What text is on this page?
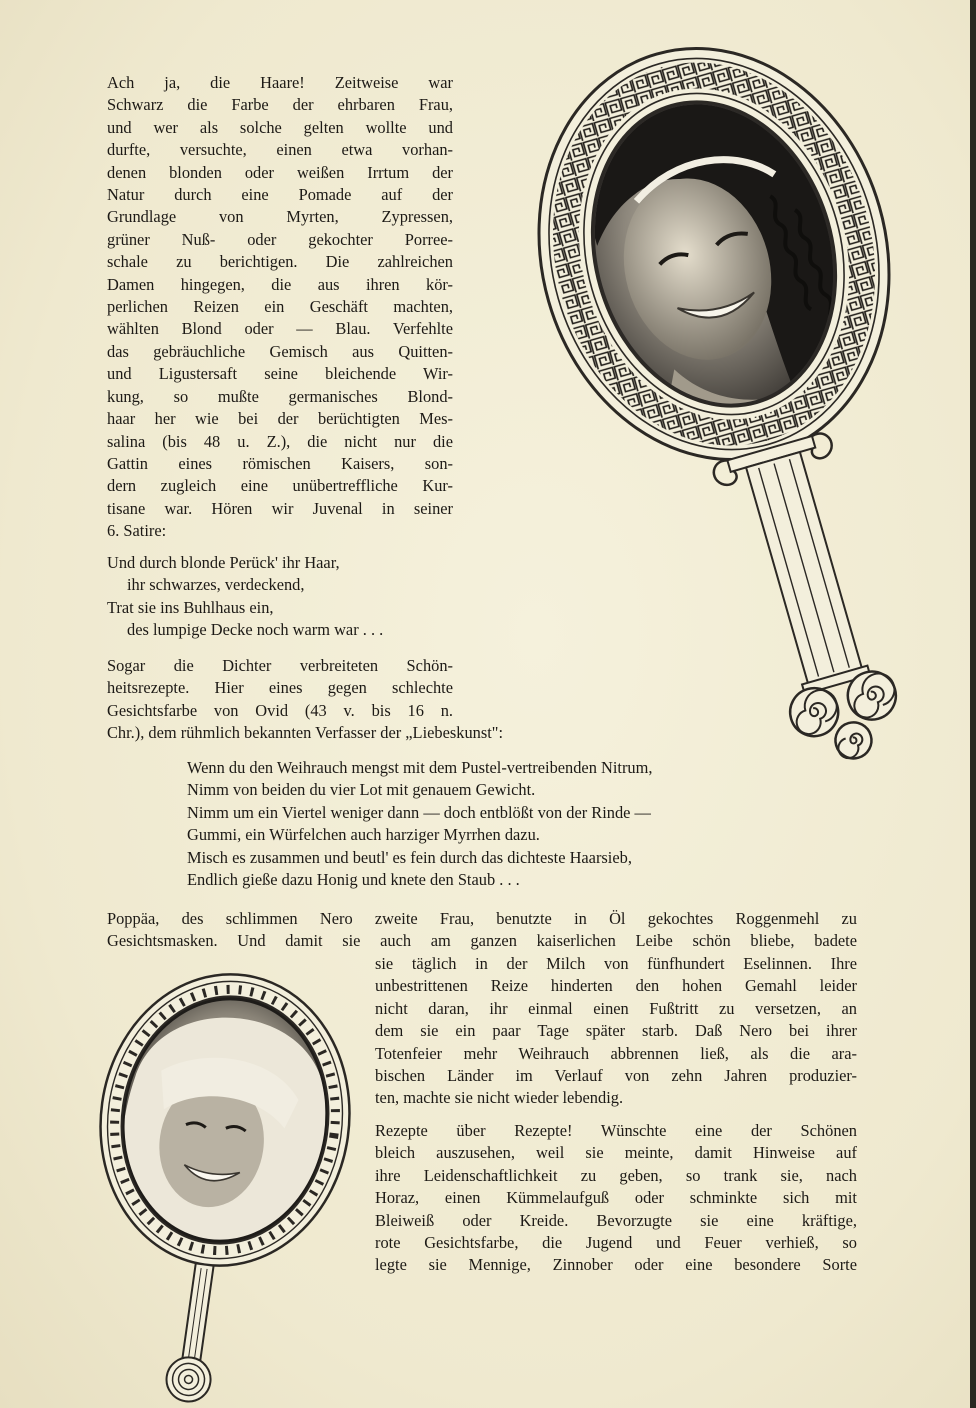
Ach ja, die Haare! Zeitweise war
Schwarz die Farbe der ehrbaren Frau,
und wer als solche gelten wollte und
durfte, versuchte, einen etwa vorhan-
denen blonden oder weißen Irrtum der
Natur durch eine Pomade auf der
Grundlage von Myrten, Zypressen,
grüner Nuß- oder gekochter Porree-
schale zu berichtigen. Die zahlreichen
Damen hingegen, die aus ihren kör-
perlichen Reizen ein Geschäft machten,
wählten Blond oder — Blau. Verfehlte
das gebräuchliche Gemisch aus Quitten-
und Ligustersaft seine bleichende Wir-
kung, so mußte germanisches Blond-
haar her wie bei der berüchtigten Mes-
salina (bis 48 u. Z.), die nicht nur die
Gattin eines römischen Kaisers, son-
dern zugleich eine unübertreffliche Kur-
tisane war. Hören wir Juvenal in seiner
6. Satire:
Und durch blonde Perück' ihr Haar,
ihr schwarzes, verdeckend,
Trat sie ins Buhlhaus ein,
des lumpige Decke noch warm war . . .
Sogar die Dichter verbreiteten Schön-
heitsrezepte. Hier eines gegen schlechte
Gesichtsfarbe von Ovid (43 v. bis 16 n.
Chr.), dem rühmlich bekannten Verfasser der „Liebeskunst":
Wenn du den Weihrauch mengst mit dem Pustel-vertreibenden Nitrum,
Nimm von beiden du vier Lot mit genauem Gewicht.
Nimm um ein Viertel weniger dann — doch entblößt von der Rinde —
Gummi, ein Würfelchen auch harziger Myrrhen dazu.
Misch es zusammen und beutl' es fein durch das dichteste Haarsieb,
Endlich gieße dazu Honig und knete den Staub . . .
Poppäa, des schlimmen Nero zweite Frau, benutzte in Öl gekochtes Roggenmehl zu
Gesichtsmasken. Und damit sie auch am ganzen kaiserlichen Leibe schön bliebe, badete
sie täglich in der Milch von fünfhundert Eselinnen. Ihre
unbestrittenen Reize hinderten den hohen Gemahl leider
nicht daran, ihr einmal einen Fußtritt zu versetzen, an
dem sie ein paar Tage später starb. Daß Nero bei ihrer
Totenfeier mehr Weihrauch abbrennen ließ, als die ara-
bischen Länder im Verlauf von zehn Jahren produzier-
ten, machte sie nicht wieder lebendig.
Rezepte über Rezepte! Wünschte eine der Schönen
bleich auszusehen, weil sie meinte, damit Hinweise auf
ihre Leidenschaftlichkeit zu geben, so trank sie, nach
Horaz, einen Kümmelaufguß oder schminkte sich mit
Bleiweiß oder Kreide. Bevorzugte sie eine kräftige,
rote Gesichtsfarbe, die Jugend und Feuer verhieß, so
legte sie Mennige, Zinnober oder eine besondere Sorte
